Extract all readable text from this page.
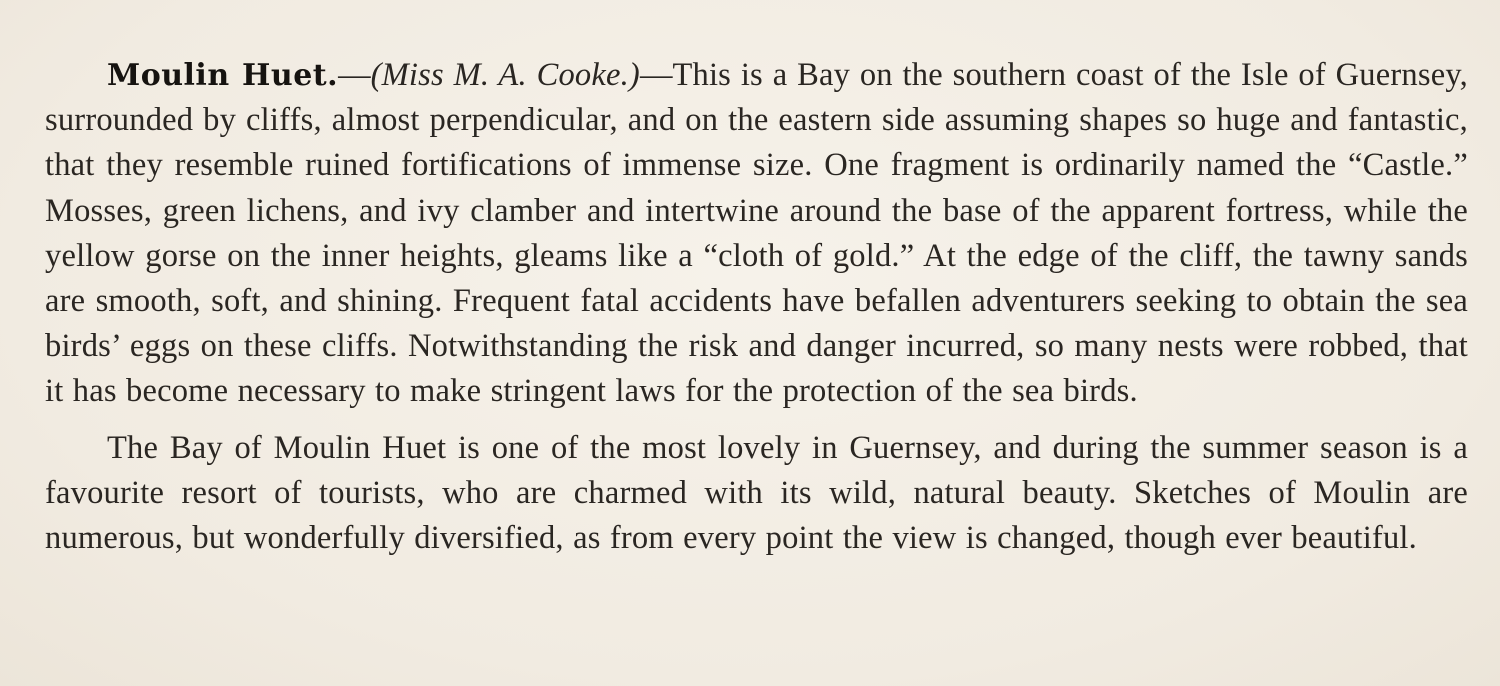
Moulin Huet.—(Miss M. A. Cooke.)—This is a Bay on the southern coast of the Isle of Guernsey, surrounded by cliffs, almost perpendicular, and on the eastern side assuming shapes so huge and fantastic, that they resemble ruined fortifications of immense size. One fragment is ordinarily named the “Castle.” Mosses, green lichens, and ivy clamber and intertwine around the base of the apparent fortress, while the yellow gorse on the inner heights, gleams like a “cloth of gold.” At the edge of the cliff, the tawny sands are smooth, soft, and shining. Frequent fatal accidents have befallen adventurers seeking to obtain the sea birds’ eggs on these cliffs. Notwithstanding the risk and danger incurred, so many nests were robbed, that it has become necessary to make stringent laws for the protection of the sea birds.

The Bay of Moulin Huet is one of the most lovely in Guernsey, and during the summer season is a favourite resort of tourists, who are charmed with its wild, natural beauty. Sketches of Moulin are numerous, but wonderfully diversified, as from every point the view is changed, though ever beautiful.
